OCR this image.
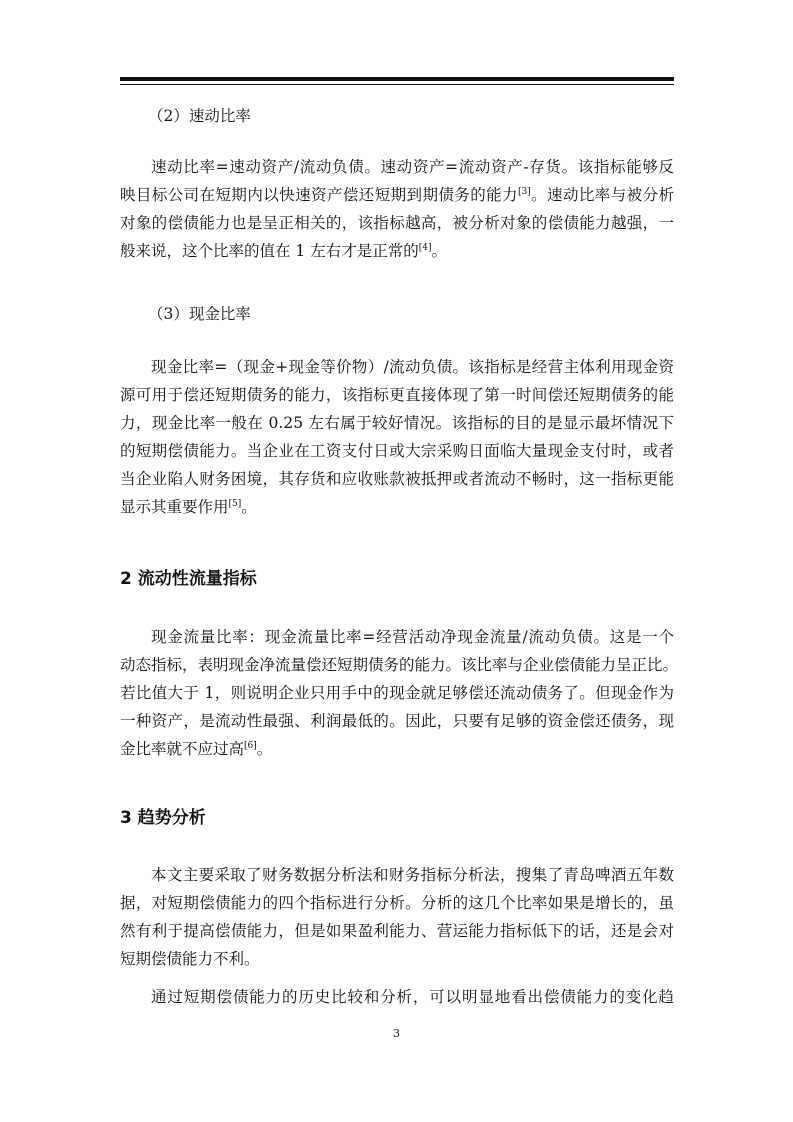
（2）速动比率
速动比率=速动资产/流动负债。速动资产=流动资产-存货。该指标能够反
映目标公司在短期内以快速资产偿还短期到期债务的能力[3]。速动比率与被分析
对象的偿债能力也是呈正相关的，该指标越高，被分析对象的偿债能力越强，一
般来说，这个比率的值在 1 左右才是正常的[4]。
（3）现金比率
现金比率=（现金+现金等价物）/流动负债。该指标是经营主体利用现金资
源可用于偿还短期债务的能力，该指标更直接体现了第一时间偿还短期债务的能
力，现金比率一般在 0.25 左右属于较好情况。该指标的目的是显示最坏情况下
的短期偿债能力。当企业在工资支付日或大宗采购日面临大量现金支付时，或者
当企业陷人财务困境，其存货和应收账款被抵押或者流动不畅时，这一指标更能
显示其重要作用[5]。
2 流动性流量指标
现金流量比率：现金流量比率=经营活动净现金流量/流动负债。这是一个
动态指标，表明现金净流量偿还短期债务的能力。该比率与企业偿债能力呈正比。
若比值大于 1，则说明企业只用手中的现金就足够偿还流动债务了。但现金作为
一种资产，是流动性最强、利润最低的。因此，只要有足够的资金偿还债务，现
金比率就不应过高[6]。
3 趋势分析
本文主要采取了财务数据分析法和财务指标分析法，搜集了青岛啤酒五年数
据，对短期偿债能力的四个指标进行分析。分析的这几个比率如果是增长的，虽
然有利于提高偿债能力，但是如果盈利能力、营运能力指标低下的话，还是会对
短期偿债能力不利。
通过短期偿债能力的历史比较和分析，可以明显地看出偿债能力的变化趋
3
